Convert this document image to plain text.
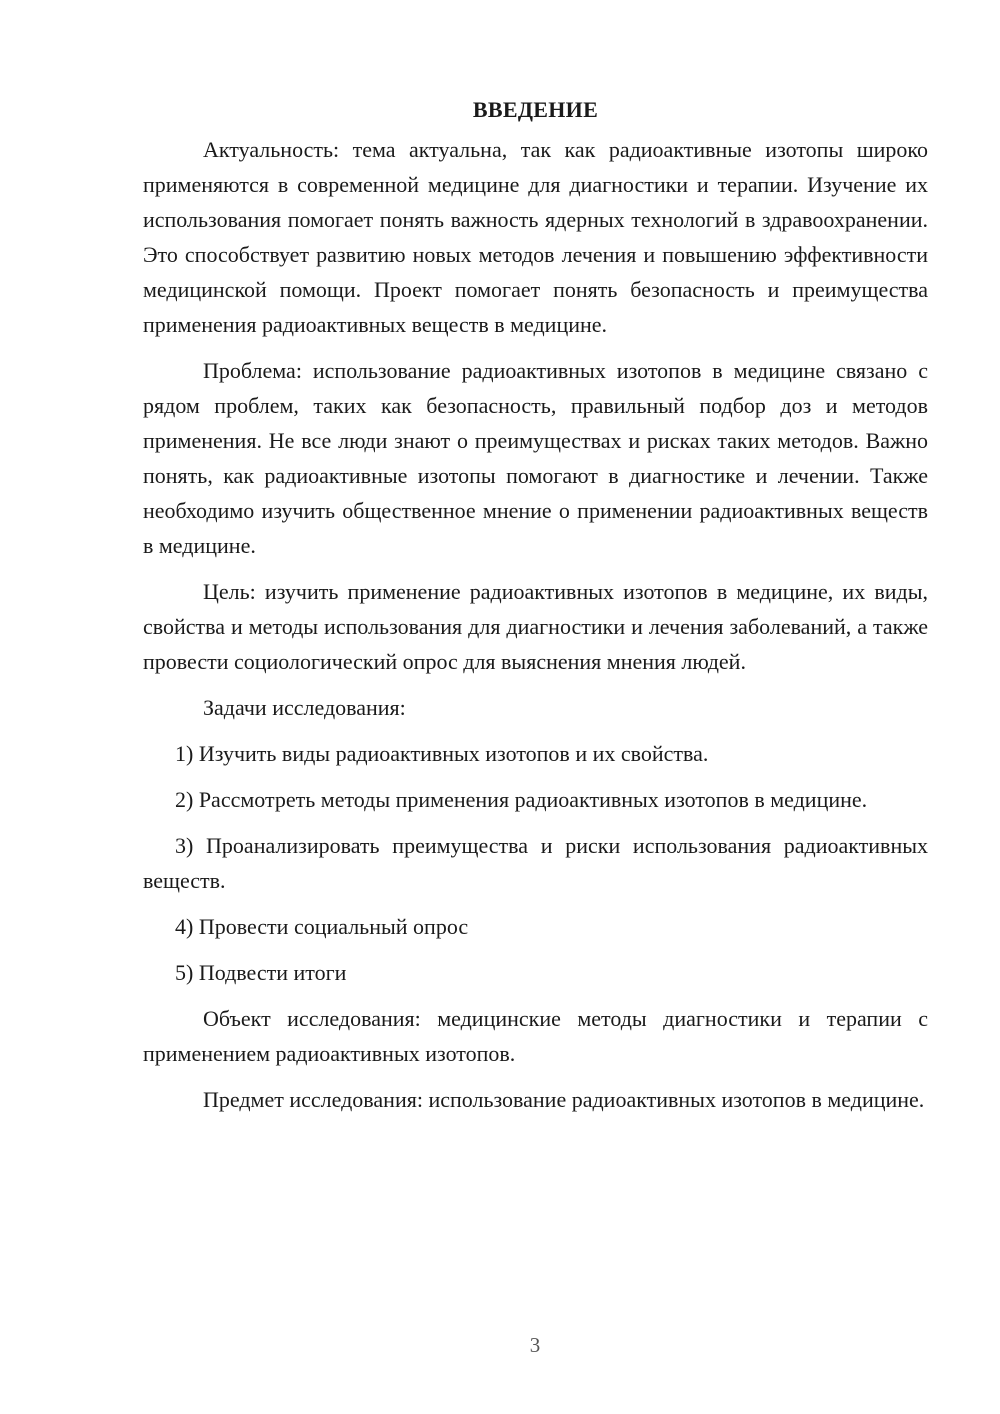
ВВЕДЕНИЕ

Актуальность: тема актуальна, так как радиоактивные изотопы широко применяются в современной медицине для диагностики и терапии. Изучение их использования помогает понять важность ядерных технологий в здравоохранении. Это способствует развитию новых методов лечения и повышению эффективности медицинской помощи. Проект помогает понять безопасность и преимущества применения радиоактивных веществ в медицине.

Проблема: использование радиоактивных изотопов в медицине связано с рядом проблем, таких как безопасность, правильный подбор доз и методов применения. Не все люди знают о преимуществах и рисках таких методов. Важно понять, как радиоактивные изотопы помогают в диагностике и лечении. Также необходимо изучить общественное мнение о применении радиоактивных веществ в медицине.

Цель: изучить применение радиоактивных изотопов в медицине, их виды, свойства и методы использования для диагностики и лечения заболеваний, а также провести социологический опрос для выяснения мнения людей.

Задачи исследования:

1) Изучить виды радиоактивных изотопов и их свойства.

2) Рассмотреть методы применения радиоактивных изотопов в медицине.

3) Проанализировать преимущества и риски использования радиоактивных веществ.

4) Провести социальный опрос

5) Подвести итоги

Объект исследования: медицинские методы диагностики и терапии с применением радиоактивных изотопов.

Предмет исследования: использование радиоактивных изотопов в медицине.

3
